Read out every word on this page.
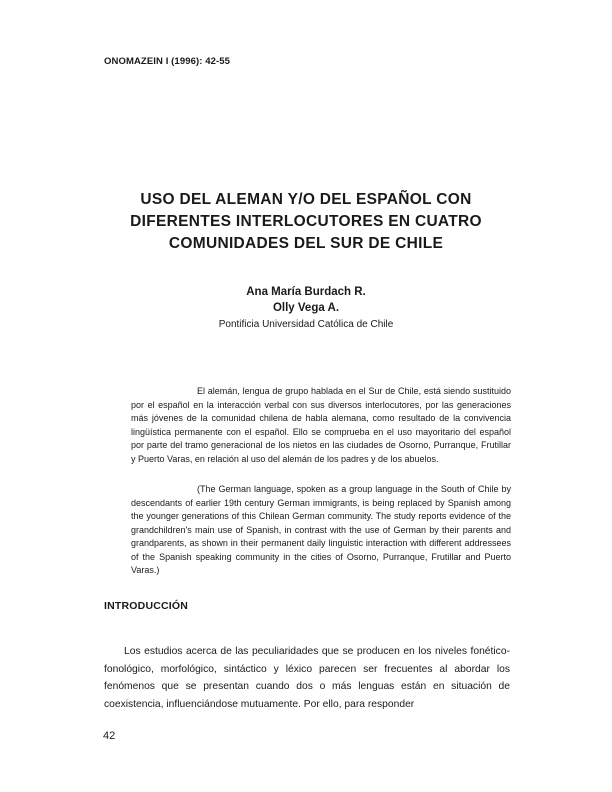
ONOMAZEIN I (1996): 42-55
USO DEL ALEMAN Y/O DEL ESPAÑOL CON
DIFERENTES INTERLOCUTORES EN CUATRO
COMUNIDADES DEL SUR DE CHILE
Ana María Burdach R.
Olly Vega A.
Pontificia Universidad Católica de Chile

El alemán, lengua de grupo hablada en el Sur de Chile, está siendo sustituido por el español en la interacción verbal con sus diversos interlocutores, por las generaciones más jóvenes de la comunidad chilena de habla alemana, como resultado de la convivencia lingüística permanente con el español. Ello se comprueba en el uso mayoritario del español por parte del tramo generacional de los nietos en las ciudades de Osorno, Purranque, Frutillar y Puerto Varas, en relación al uso del alemán de los padres y de los abuelos.

(The German language, spoken as a group language in the South of Chile by descendants of earlier 19th century German immigrants, is being replaced by Spanish among the younger generations of this Chilean German community. The study reports evidence of the grandchildren's main use of Spanish, in contrast with the use of German by their parents and grandparents, as shown in their permanent daily linguistic interaction with different addressees of the Spanish speaking community in the cities of Osorno, Purranque, Frutillar and Puerto Varas.)

INTRODUCCIÓN

Los estudios acerca de las peculiaridades que se producen en los niveles fonético-fonológico, morfológico, sintáctico y léxico parecen ser frecuentes al abordar los fenómenos que se presentan cuando dos o más lenguas están en situación de coexistencia, influenciándose mutuamente. Por ello, para responder

42
